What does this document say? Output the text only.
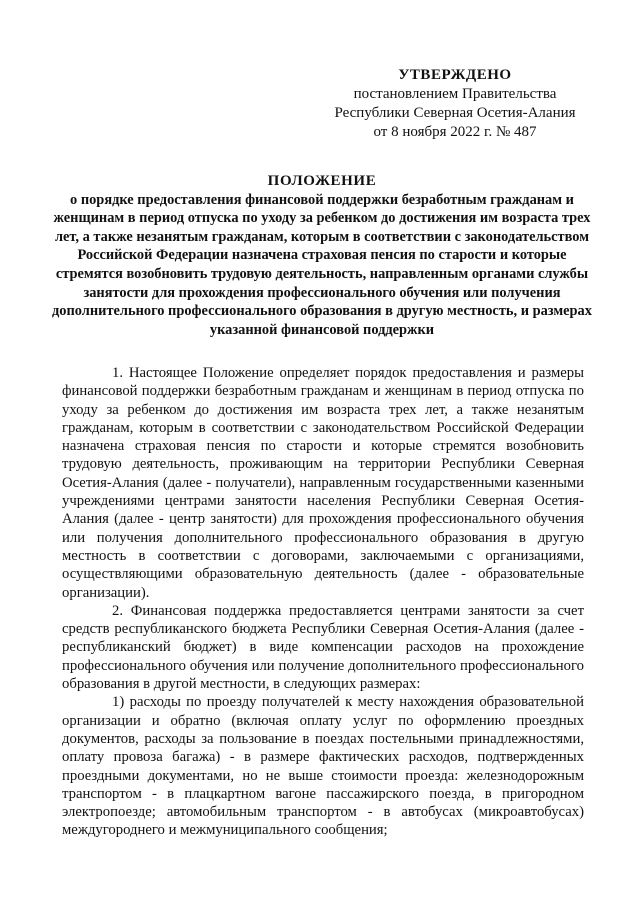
УТВЕРЖДЕНО
постановлением Правительства
Республики Северная Осетия-Алания
от 8 ноября 2022 г. № 487
ПОЛОЖЕНИЕ
о порядке предоставления финансовой поддержки безработным гражданам и женщинам в период отпуска по уходу за ребенком до достижения им возраста трех лет, а также незанятым гражданам, которым в соответствии с законодательством Российской Федерации назначена страховая пенсия по старости и которые стремятся возобновить трудовую деятельность, направленным органами службы занятости для прохождения профессионального обучения или получения дополнительного профессионального образования в другую местность, и размерах указанной финансовой поддержки

1. Настоящее Положение определяет порядок предоставления и размеры финансовой поддержки безработным гражданам и женщинам в период отпуска по уходу за ребенком до достижения им возраста трех лет, а также незанятым гражданам, которым в соответствии с законодательством Российской Федерации назначена страховая пенсия по старости и которые стремятся возобновить трудовую деятельность, проживающим на территории Республики Северная Осетия-Алания (далее - получатели), направленным государственными казенными учреждениями центрами занятости населения Республики Северная Осетия-Алания (далее - центр занятости) для прохождения профессионального обучения или получения дополнительного профессионального образования в другую местность в соответствии с договорами, заключаемыми с организациями, осуществляющими образовательную деятельность (далее - образовательные организации).

2. Финансовая поддержка предоставляется центрами занятости за счет средств республиканского бюджета Республики Северная Осетия-Алания (далее - республиканский бюджет) в виде компенсации расходов на прохождение профессионального обучения или получение дополнительного профессионального образования в другой местности, в следующих размерах:

1) расходы по проезду получателей к месту нахождения образовательной организации и обратно (включая оплату услуг по оформлению проездных документов, расходы за пользование в поездах постельными принадлежностями, оплату провоза багажа) - в размере фактических расходов, подтвержденных проездными документами, но не выше стоимости проезда: железнодорожным транспортом - в плацкартном вагоне пассажирского поезда, в пригородном электропоезде; автомобильным транспортом - в автобусах (микроавтобусах) междугороднего и межмуниципального сообщения;
